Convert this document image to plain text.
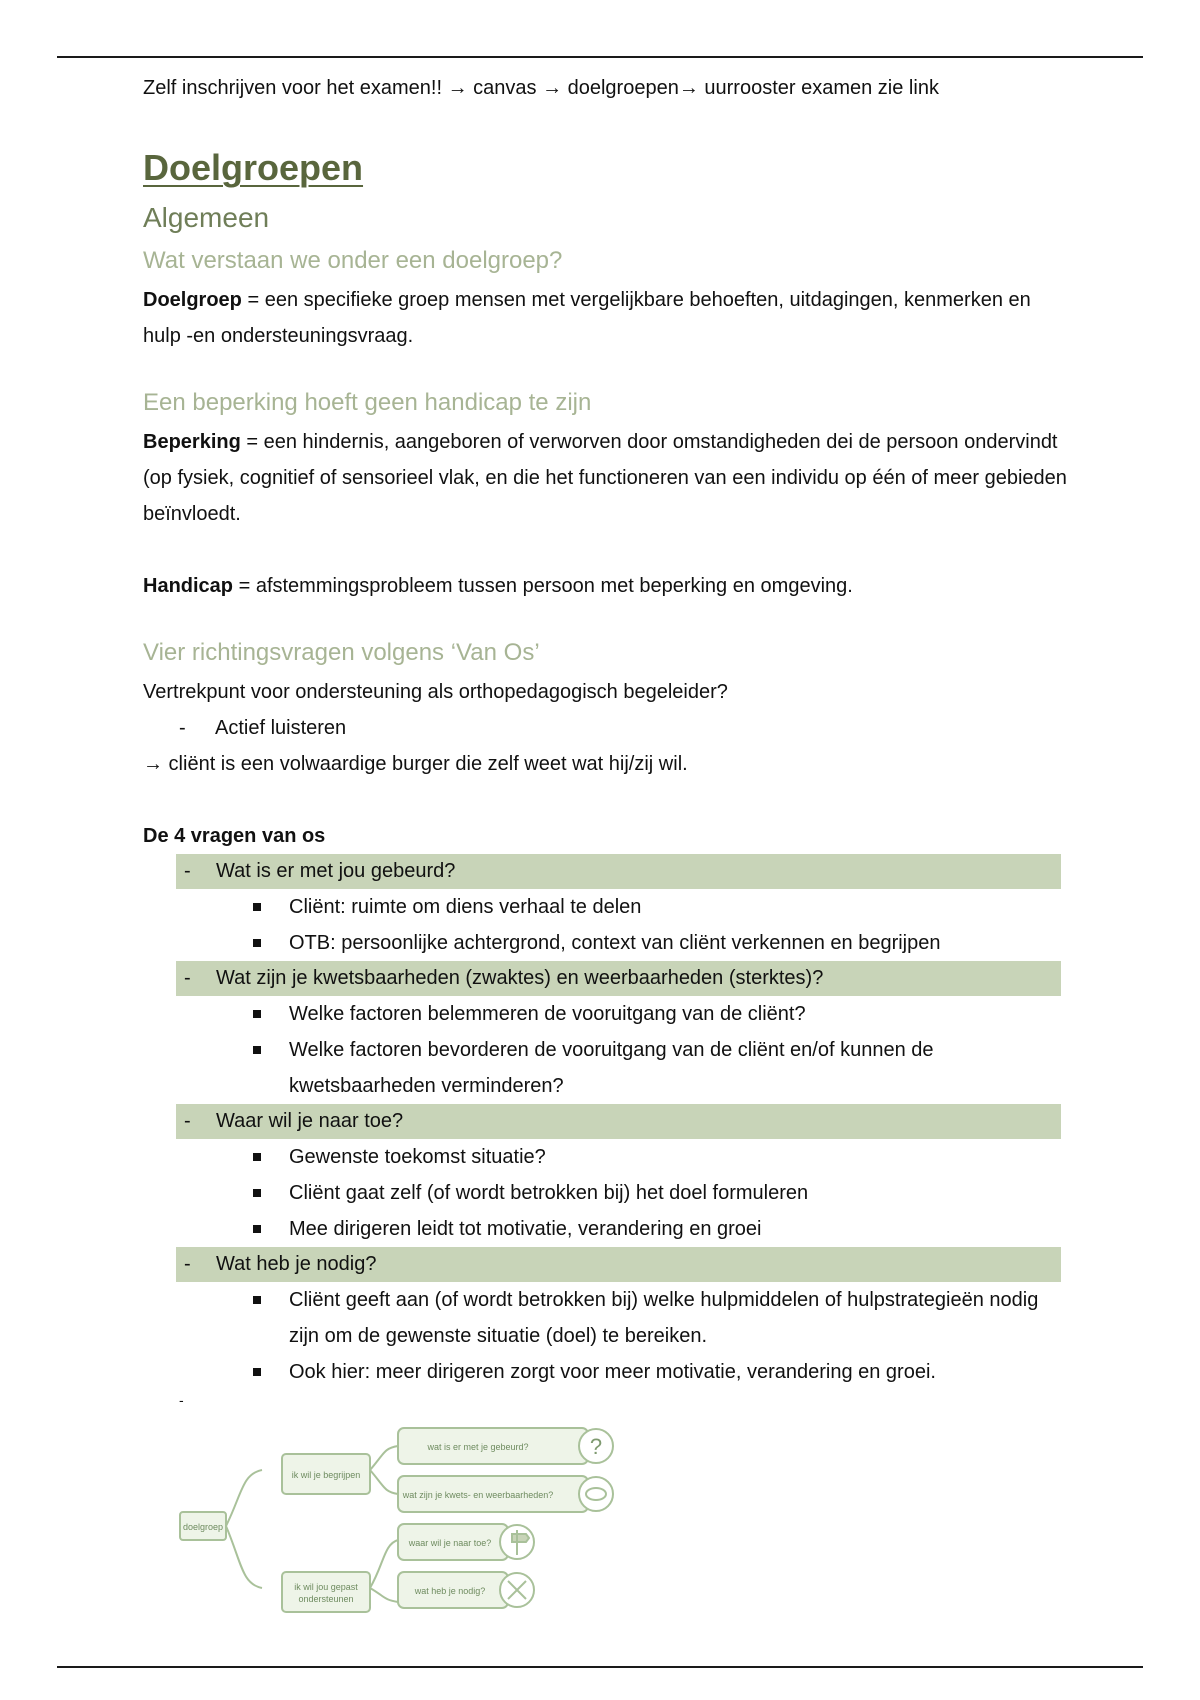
Zelf inschrijven voor het examen!! → canvas → doelgroepen→ uurrooster examen zie link

Doelgroepen
Algemeen
Wat verstaan we onder een doelgroep?

Doelgroep = een specifieke groep mensen met vergelijkbare behoeften, uitdagingen, kenmerken en hulp -en ondersteuningsvraag.

Een beperking hoeft geen handicap te zijn

Beperking = een hindernis, aangeboren of verworven door omstandigheden dei de persoon ondervindt (op fysiek, cognitief of sensorieel vlak, en die het functioneren van een individu op één of meer gebieden beïnvloedt.

Handicap = afstemmingsprobleem tussen persoon met beperking en omgeving.

Vier richtingsvragen volgens ‘Van Os’

Vertrekpunt voor ondersteuning als orthopedagogisch begeleider?

-	Actief luisteren

→ cliënt is een volwaardige burger die zelf weet wat hij/zij wil.

De 4 vragen van os

-	Wat is er met jou gebeurd?
Cliënt: ruimte om diens verhaal te delen
OTB: persoonlijke achtergrond, context van cliënt verkennen en begrijpen
-	Wat zijn je kwetsbaarheden (zwaktes) en weerbaarheden (sterktes)?
Welke factoren belemmeren de vooruitgang van de cliënt?
Welke factoren bevorderen de vooruitgang van de cliënt en/of kunnen de kwetsbaarheden verminderen?
-	Waar wil je naar toe?
Gewenste toekomst situatie?
Cliënt gaat zelf (of wordt betrokken bij) het doel formuleren
Mee dirigeren leidt tot motivatie, verandering en groei
-	Wat heb je nodig?
Cliënt geeft aan (of wordt betrokken bij) welke hulpmiddelen of hulpstrategieën nodig zijn om de gewenste situatie (doel) te bereiken.
Ook hier: meer dirigeren zorgt voor meer motivatie, verandering en groei.
-
doelgroep
ik wil je begrijpen
ik wil jou gepast
ondersteunen
wat is er met je gebeurd?
wat zijn je kwets- en weerbaarheden?
waar wil je naar toe?
wat heb je nodig?
?
